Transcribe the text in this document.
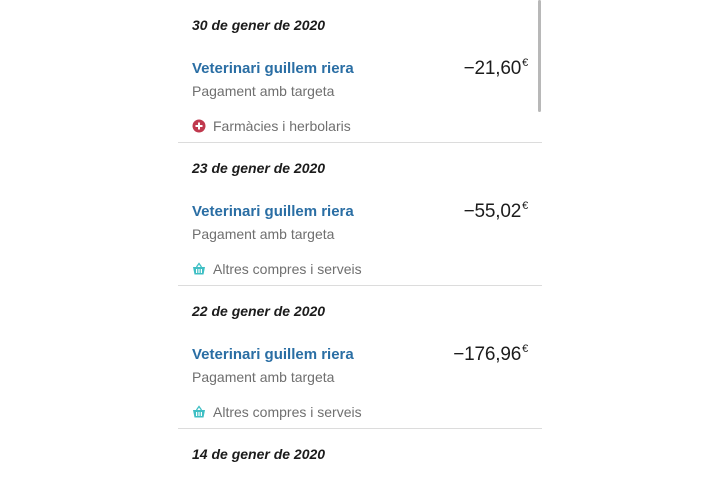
30 de gener de 2020
Veterinari guillem riera
Pagament amb targeta
−21,60€
Farmàcies i herbolaris
23 de gener de 2020
Veterinari guillem riera
Pagament amb targeta
−55,02€
Altres compres i serveis
22 de gener de 2020
Veterinari guillem riera
Pagament amb targeta
−176,96€
Altres compres i serveis
14 de gener de 2020
